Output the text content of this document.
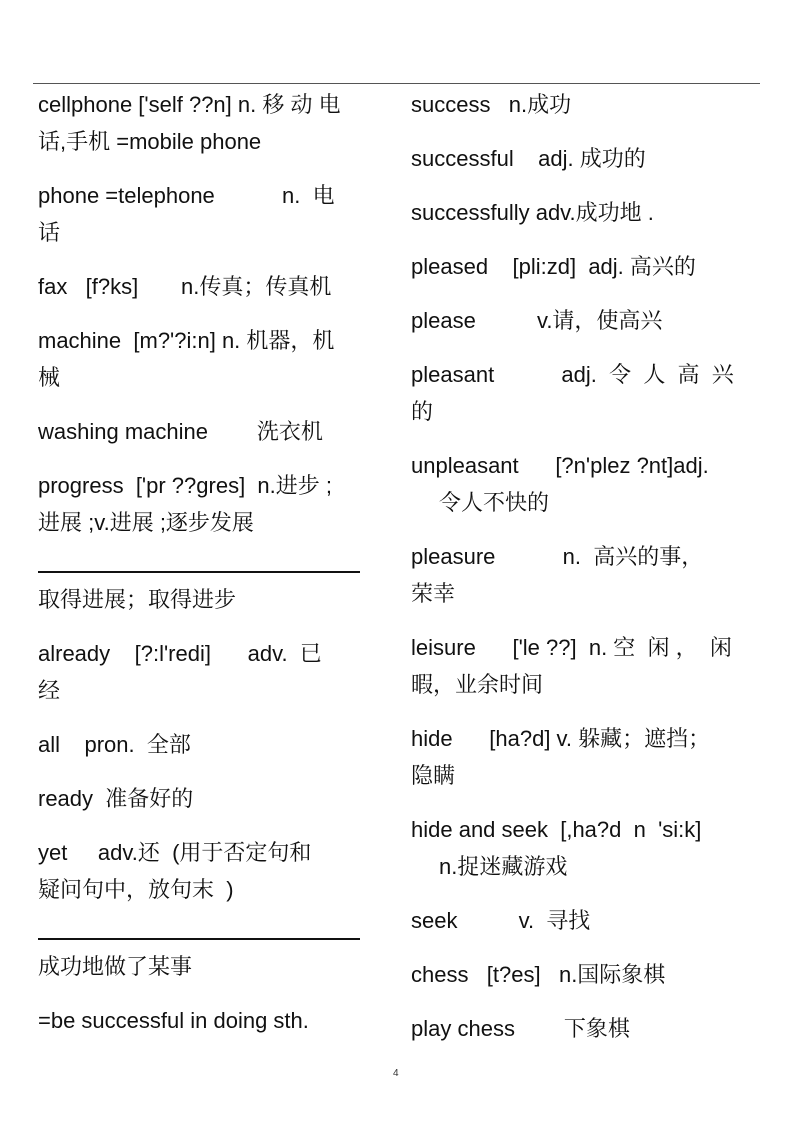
cellphone ['self ??n] n. 移 动 电
话,手机 =mobile phone
phone =telephone           n.  电
话
fax   [f?ks]       n.传真；传真机
machine  [m?'?i:n] n. 机器，机
械
washing machine        洗衣机
progress  ['pr ??gres]  n.进步 ;
进展 ;v.进展 ;逐步发展
取得进展；取得进步
already    [?:l'redi]      adv.  已
经
all    pron.  全部
ready  准备好的
yet     adv.还  (用于否定句和
疑问句中，放句末  )
成功地做了某事
=be successful in doing sth.
success   n.成功
successful    adj. 成功的
successfully adv.成功地 .
pleased    [pli:zd]  adj. 高兴的
please          v.请，使高兴
pleasant           adj.  令  人  高  兴
的
unpleasant      [?n'plez ?nt]adj.
令人不快的
pleasure           n.  高兴的事，
荣幸
leisure      ['le ??]  n. 空  闲 ，  闲
暇，业余时间
hide      [ha?d] v. 躲藏；遮挡；
隐瞒
hide and seek  [,ha?d  n  'si:k]
n.捉迷藏游戏
seek          v.  寻找
chess   [t?es]   n.国际象棋
play chess        下象棋
4
